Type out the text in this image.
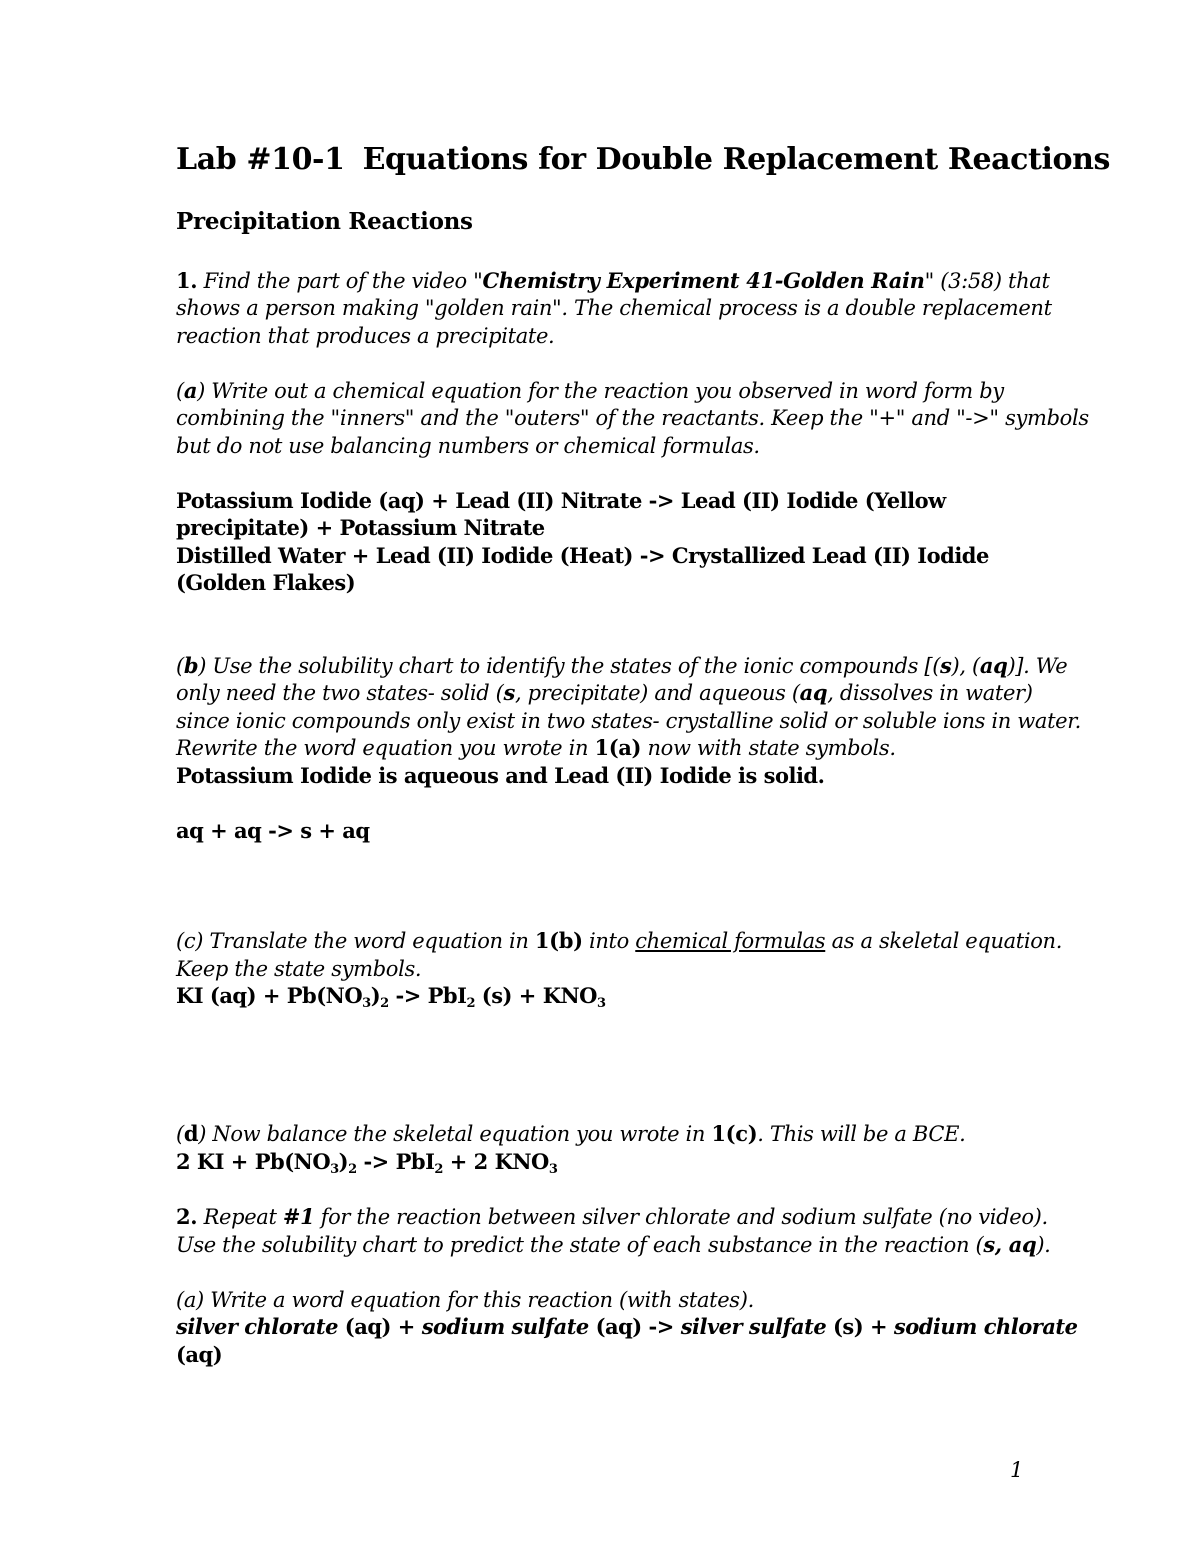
Lab #10-1 Equations for Double Replacement Reactions
Precipitation Reactions
1. Find the part of the video "Chemistry Experiment 41-Golden Rain" (3:58) that
shows a person making "golden rain". The chemical process is a double replacement
reaction that produces a precipitate.
(a) Write out a chemical equation for the reaction you observed in word form by
combining the "inners" and the "outers" of the reactants. Keep the "+" and "->" symbols
but do not use balancing numbers or chemical formulas.
Potassium Iodide (aq) + Lead (II) Nitrate -> Lead (II) Iodide (Yellow
precipitate) + Potassium Nitrate
Distilled Water + Lead (II) Iodide (Heat) -> Crystallized Lead (II) Iodide
(Golden Flakes)
(b) Use the solubility chart to identify the states of the ionic compounds [(s), (aq)]. We
only need the two states- solid (s, precipitate) and aqueous (aq, dissolves in water)
since ionic compounds only exist in two states- crystalline solid or soluble ions in water.
Rewrite the word equation you wrote in 1(a) now with state symbols.
Potassium Iodide is aqueous and Lead (II) Iodide is solid.
aq + aq -> s + aq
(c) Translate the word equation in 1(b) into chemical formulas as a skeletal equation.
Keep the state symbols.
KI $(aq) + Pb(NO_3)_2 -> PbI_2$ $(s) + KNO_3$
(d) Now balance the skeletal equation you wrote in 1(c). This will be a BCE.
2 KI + $Pb(NO_3)_2 -> PbI_2 + 2$ $KNO_3$
2. Repeat #1 for the reaction between silver chlorate and sodium sulfate (no video).
Use the solubility chart to predict the state of each substance in the reaction (s, aq).
(a) Write a word equation for this reaction (with states).
silver chlorate (aq) + sodium sulfate (aq) -> silver sulfate (s) + sodium chlorate
(aq)
1
